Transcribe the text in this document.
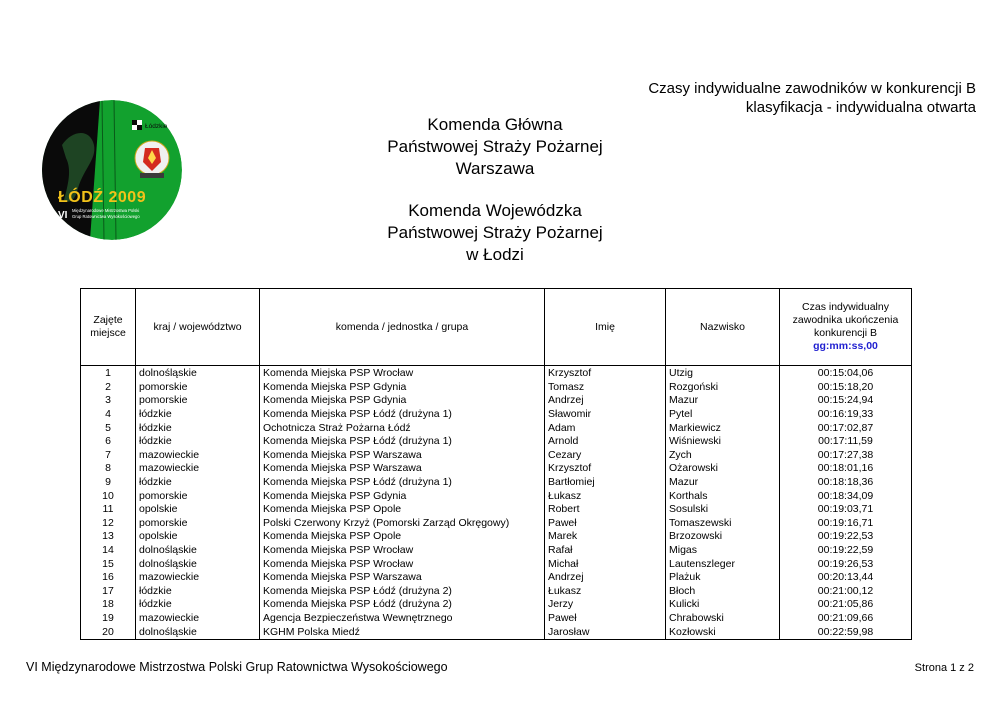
Łódzkie
ŁÓDŹ 2009
VI Międzynarodowe Mistrzostwa Polski
Grup Ratownictwa Wysokościowego
Czasy indywidualne zawodników w konkurencji B
klasyfikacja - indywidualna otwarta
Komenda Główna
Państwowej Straży Pożarnej
Warszawa
Komenda Wojewódzka
Państwowej Straży Pożarnej
w Łodzi
Zajęte miejsce	kraj / województwo	komenda / jednostka / grupa	Imię	Nazwisko	Czas indywidualny zawodnika ukończenia konkurencji B
gg:mm:ss,00

1	dolnośląskie	Komenda Miejska PSP Wrocław	Krzysztof	Utzig	00:15:04,06
2	pomorskie	Komenda Miejska PSP Gdynia	Tomasz	Rozgoński	00:15:18,20
3	pomorskie	Komenda Miejska PSP Gdynia	Andrzej	Mazur	00:15:24,94
4	łódzkie	Komenda Miejska PSP Łódź (drużyna 1)	Sławomir	Pytel	00:16:19,33
5	łódzkie	Ochotnicza Straż Pożarna Łódź	Adam	Markiewicz	00:17:02,87
6	łódzkie	Komenda Miejska PSP Łódź (drużyna 1)	Arnold	Wiśniewski	00:17:11,59
7	mazowieckie	Komenda Miejska PSP Warszawa	Cezary	Zych	00:17:27,38
8	mazowieckie	Komenda Miejska PSP Warszawa	Krzysztof	Ożarowski	00:18:01,16
9	łódzkie	Komenda Miejska PSP Łódź (drużyna 1)	Bartłomiej	Mazur	00:18:18,36
10	pomorskie	Komenda Miejska PSP Gdynia	Łukasz	Korthals	00:18:34,09
11	opolskie	Komenda Miejska PSP Opole	Robert	Sosulski	00:19:03,71
12	pomorskie	Polski Czerwony Krzyż (Pomorski Zarząd Okręgowy)	Paweł	Tomaszewski	00:19:16,71
13	opolskie	Komenda Miejska PSP Opole	Marek	Brzozowski	00:19:22,53
14	dolnośląskie	Komenda Miejska PSP Wrocław	Rafał	Migas	00:19:22,59
15	dolnośląskie	Komenda Miejska PSP Wrocław	Michał	Lautenszleger	00:19:26,53
16	mazowieckie	Komenda Miejska PSP Warszawa	Andrzej	Plażuk	00:20:13,44
17	łódzkie	Komenda Miejska PSP Łódź (drużyna 2)	Łukasz	Błoch	00:21:00,12
18	łódzkie	Komenda Miejska PSP Łódź (drużyna 2)	Jerzy	Kulicki	00:21:05,86
19	mazowieckie	Agencja Bezpieczeństwa Wewnętrznego	Paweł	Chrabowski	00:21:09,66
20	dolnośląskie	KGHM Polska Miedź	Jarosław	Kozłowski	00:22:59,98
VI Międzynarodowe Mistrzostwa Polski Grup Ratownictwa Wysokościowego	Strona 1 z 2
